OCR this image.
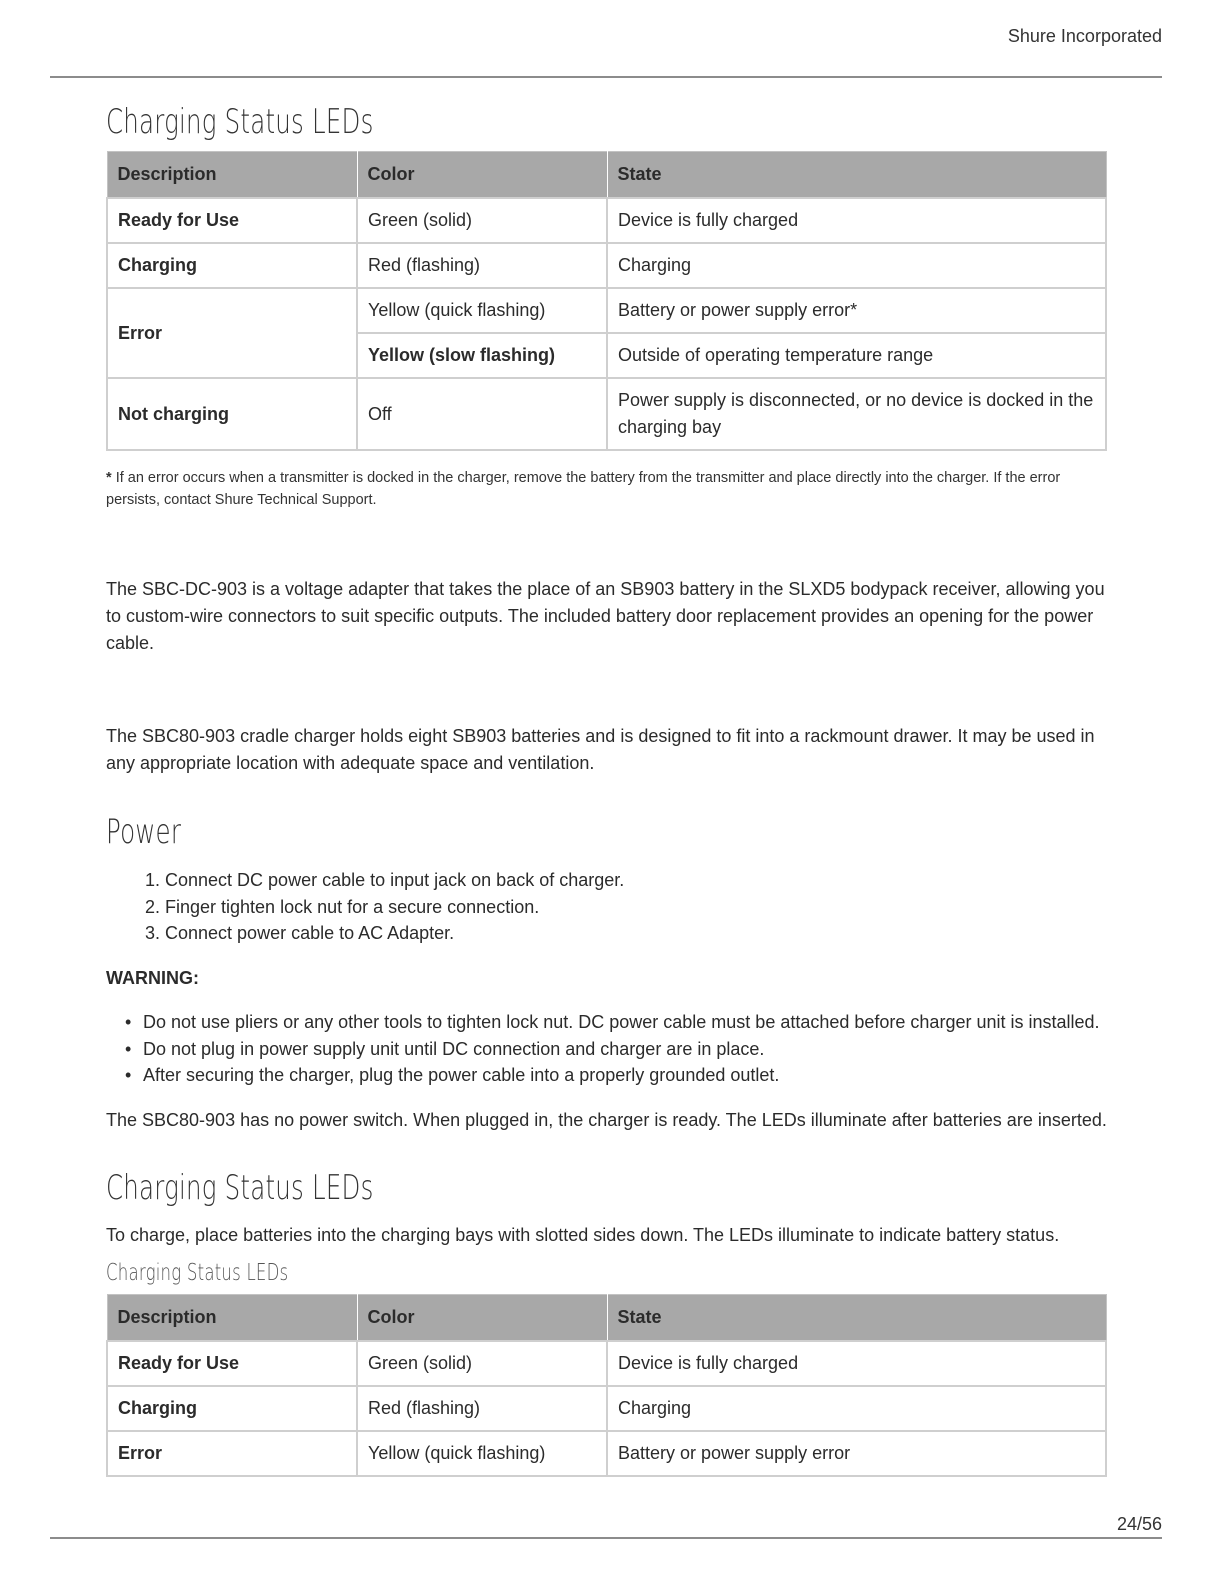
Shure Incorporated
Charging Status LEDs
Description	Color	State
Ready for Use	Green (solid)	Device is fully charged
Charging	Red (flashing)	Charging
Error	Yellow (quick flashing)	Battery or power supply error*
	Yellow (slow flashing)	Outside of operating temperature range
Not charging	Off	Power supply is disconnected, or no device is docked in the charging bay

* If an error occurs when a transmitter is docked in the charger, remove the battery from the transmitter and place directly into the charger. If the error persists, contact Shure Technical Support.

The SBC-DC-903 is a voltage adapter that takes the place of an SB903 battery in the SLXD5 bodypack receiver, allowing you to custom-wire connectors to suit specific outputs. The included battery door replacement provides an opening for the power cable.

The SBC80-903 cradle charger holds eight SB903 batteries and is designed to fit into a rackmount drawer. It may be used in any appropriate location with adequate space and ventilation.

Power
1. Connect DC power cable to input jack on back of charger.
2. Finger tighten lock nut for a secure connection.
3. Connect power cable to AC Adapter.

WARNING:

• Do not use pliers or any other tools to tighten lock nut. DC power cable must be attached before charger unit is installed.
• Do not plug in power supply unit until DC connection and charger are in place.
• After securing the charger, plug the power cable into a properly grounded outlet.

The SBC80-903 has no power switch. When plugged in, the charger is ready. The LEDs illuminate after batteries are inserted.

Charging Status LEDs

To charge, place batteries into the charging bays with slotted sides down. The LEDs illuminate to indicate battery status.

Charging Status LEDs
Description	Color	State
Ready for Use	Green (solid)	Device is fully charged
Charging	Red (flashing)	Charging
Error	Yellow (quick flashing)	Battery or power supply error
24/56
